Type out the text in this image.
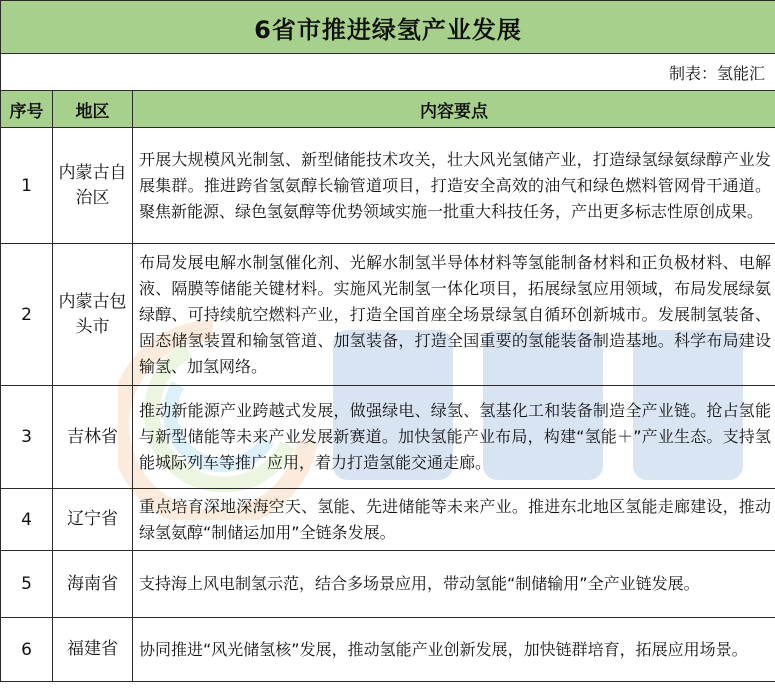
6省市推进绿氢产业发展		
制表：氢能汇		
序号	地区	内容要点
1	内蒙古自治区	开展大规模风光制氢、新型储能技术攻关，壮大风光氢储产业，打造绿氢绿氨绿醇产业发展集群。推进跨省氢氨醇长输管道项目，打造安全高效的油气和绿色燃料管网骨干通道。聚焦新能源、绿色氢氨醇等优势领域实施一批重大科技任务，产出更多标志性原创成果。
2	内蒙古包头市	布局发展电解水制氢催化剂、光解水制氢半导体材料等氢能制备材料和正负极材料、电解液、隔膜等储能关键材料。实施风光制氢一体化项目，拓展绿氢应用领域，布局发展绿氨绿醇、可持续航空燃料产业，打造全国首座全场景绿氢自循环创新城市。发展制氢装备、固态储氢装置和输氢管道、加氢装备，打造全国重要的氢能装备制造基地。科学布局建设输氢、加氢网络。
3	吉林省	推动新能源产业跨越式发展，做强绿电、绿氢、氢基化工和装备制造全产业链。抢占氢能与新型储能等未来产业发展新赛道。加快氢能产业布局，构建“氢能＋”产业生态。支持氢能城际列车等推广应用，着力打造氢能交通走廊。
4	辽宁省	重点培育深地深海空天、氢能、先进储能等未来产业。推进东北地区氢能走廊建设，推动绿氢氨醇“制储运加用”全链条发展。
5	海南省	支持海上风电制氢示范，结合多场景应用，带动氢能“制储输用”全产业链发展。
6	福建省	协同推进“风光储氢核”发展，推动氢能产业创新发展，加快链群培育，拓展应用场景。
